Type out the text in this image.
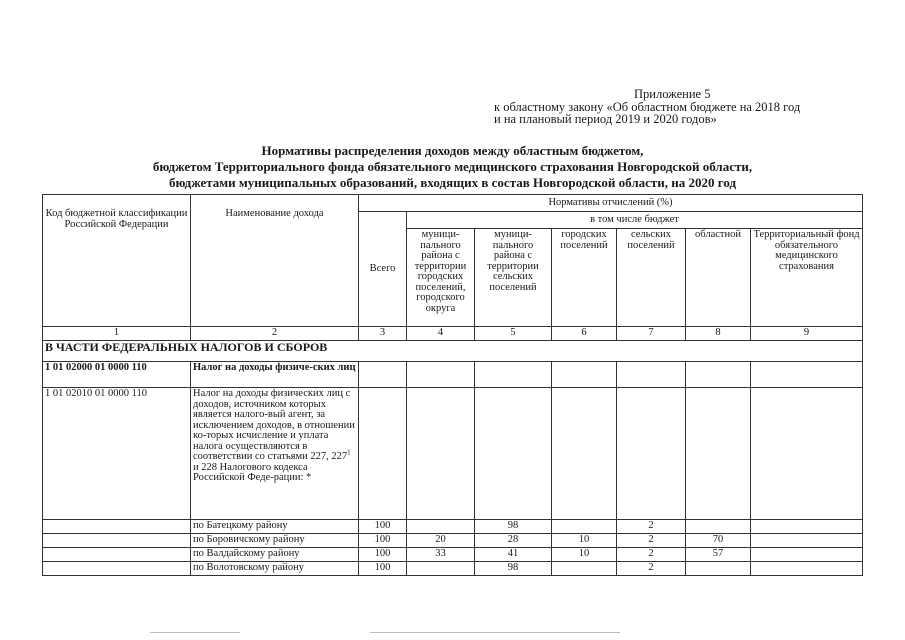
Приложение 5
к областному закону «Об областном бюджете на 2018 год
и на плановый период 2019 и 2020 годов»
Нормативы распределения доходов между областным бюджетом,
бюджетом Территориального фонда обязательного медицинского страхования Новгородской области,
бюджетами муниципальных образований, входящих в состав Новгородской области, на 2020 год
Код бюджетной классификации Российской Федерации	Наименование дохода	Нормативы отчислений (%)						
		Всего	в том числе бюджет					
			муници-пального района с территории городских поселений, городского округа	муници-пального района с территории сельских поселений	городских поселений	сельских поселений	областной	Территориальный фонд обязательного медицинского страхования
1	2	3	4	5	6	7	8	9
В ЧАСТИ ФЕДЕРАЛЬНЫХ НАЛОГОВ И СБОРОВ								
1 01 02000 01 0000 110	Налог на доходы физиче-ских лиц							
1 01 02010 01 0000 110	Налог на доходы физических лиц с доходов, источником которых является налого-вый агент, за исключением доходов, в отношении ко-торых исчисление и уплата налога осуществляются в соответствии со статьями 227, $227^1$ и 228 Налогового кодекса Российской Феде-рации: *							
	по Батецкому району	100		98		2		
	по Боровичскому району	100	20	28	10	2	70	
	по Валдайскому району	100	33	41	10	2	57	
	по Волотовскому району	100		98		2		
